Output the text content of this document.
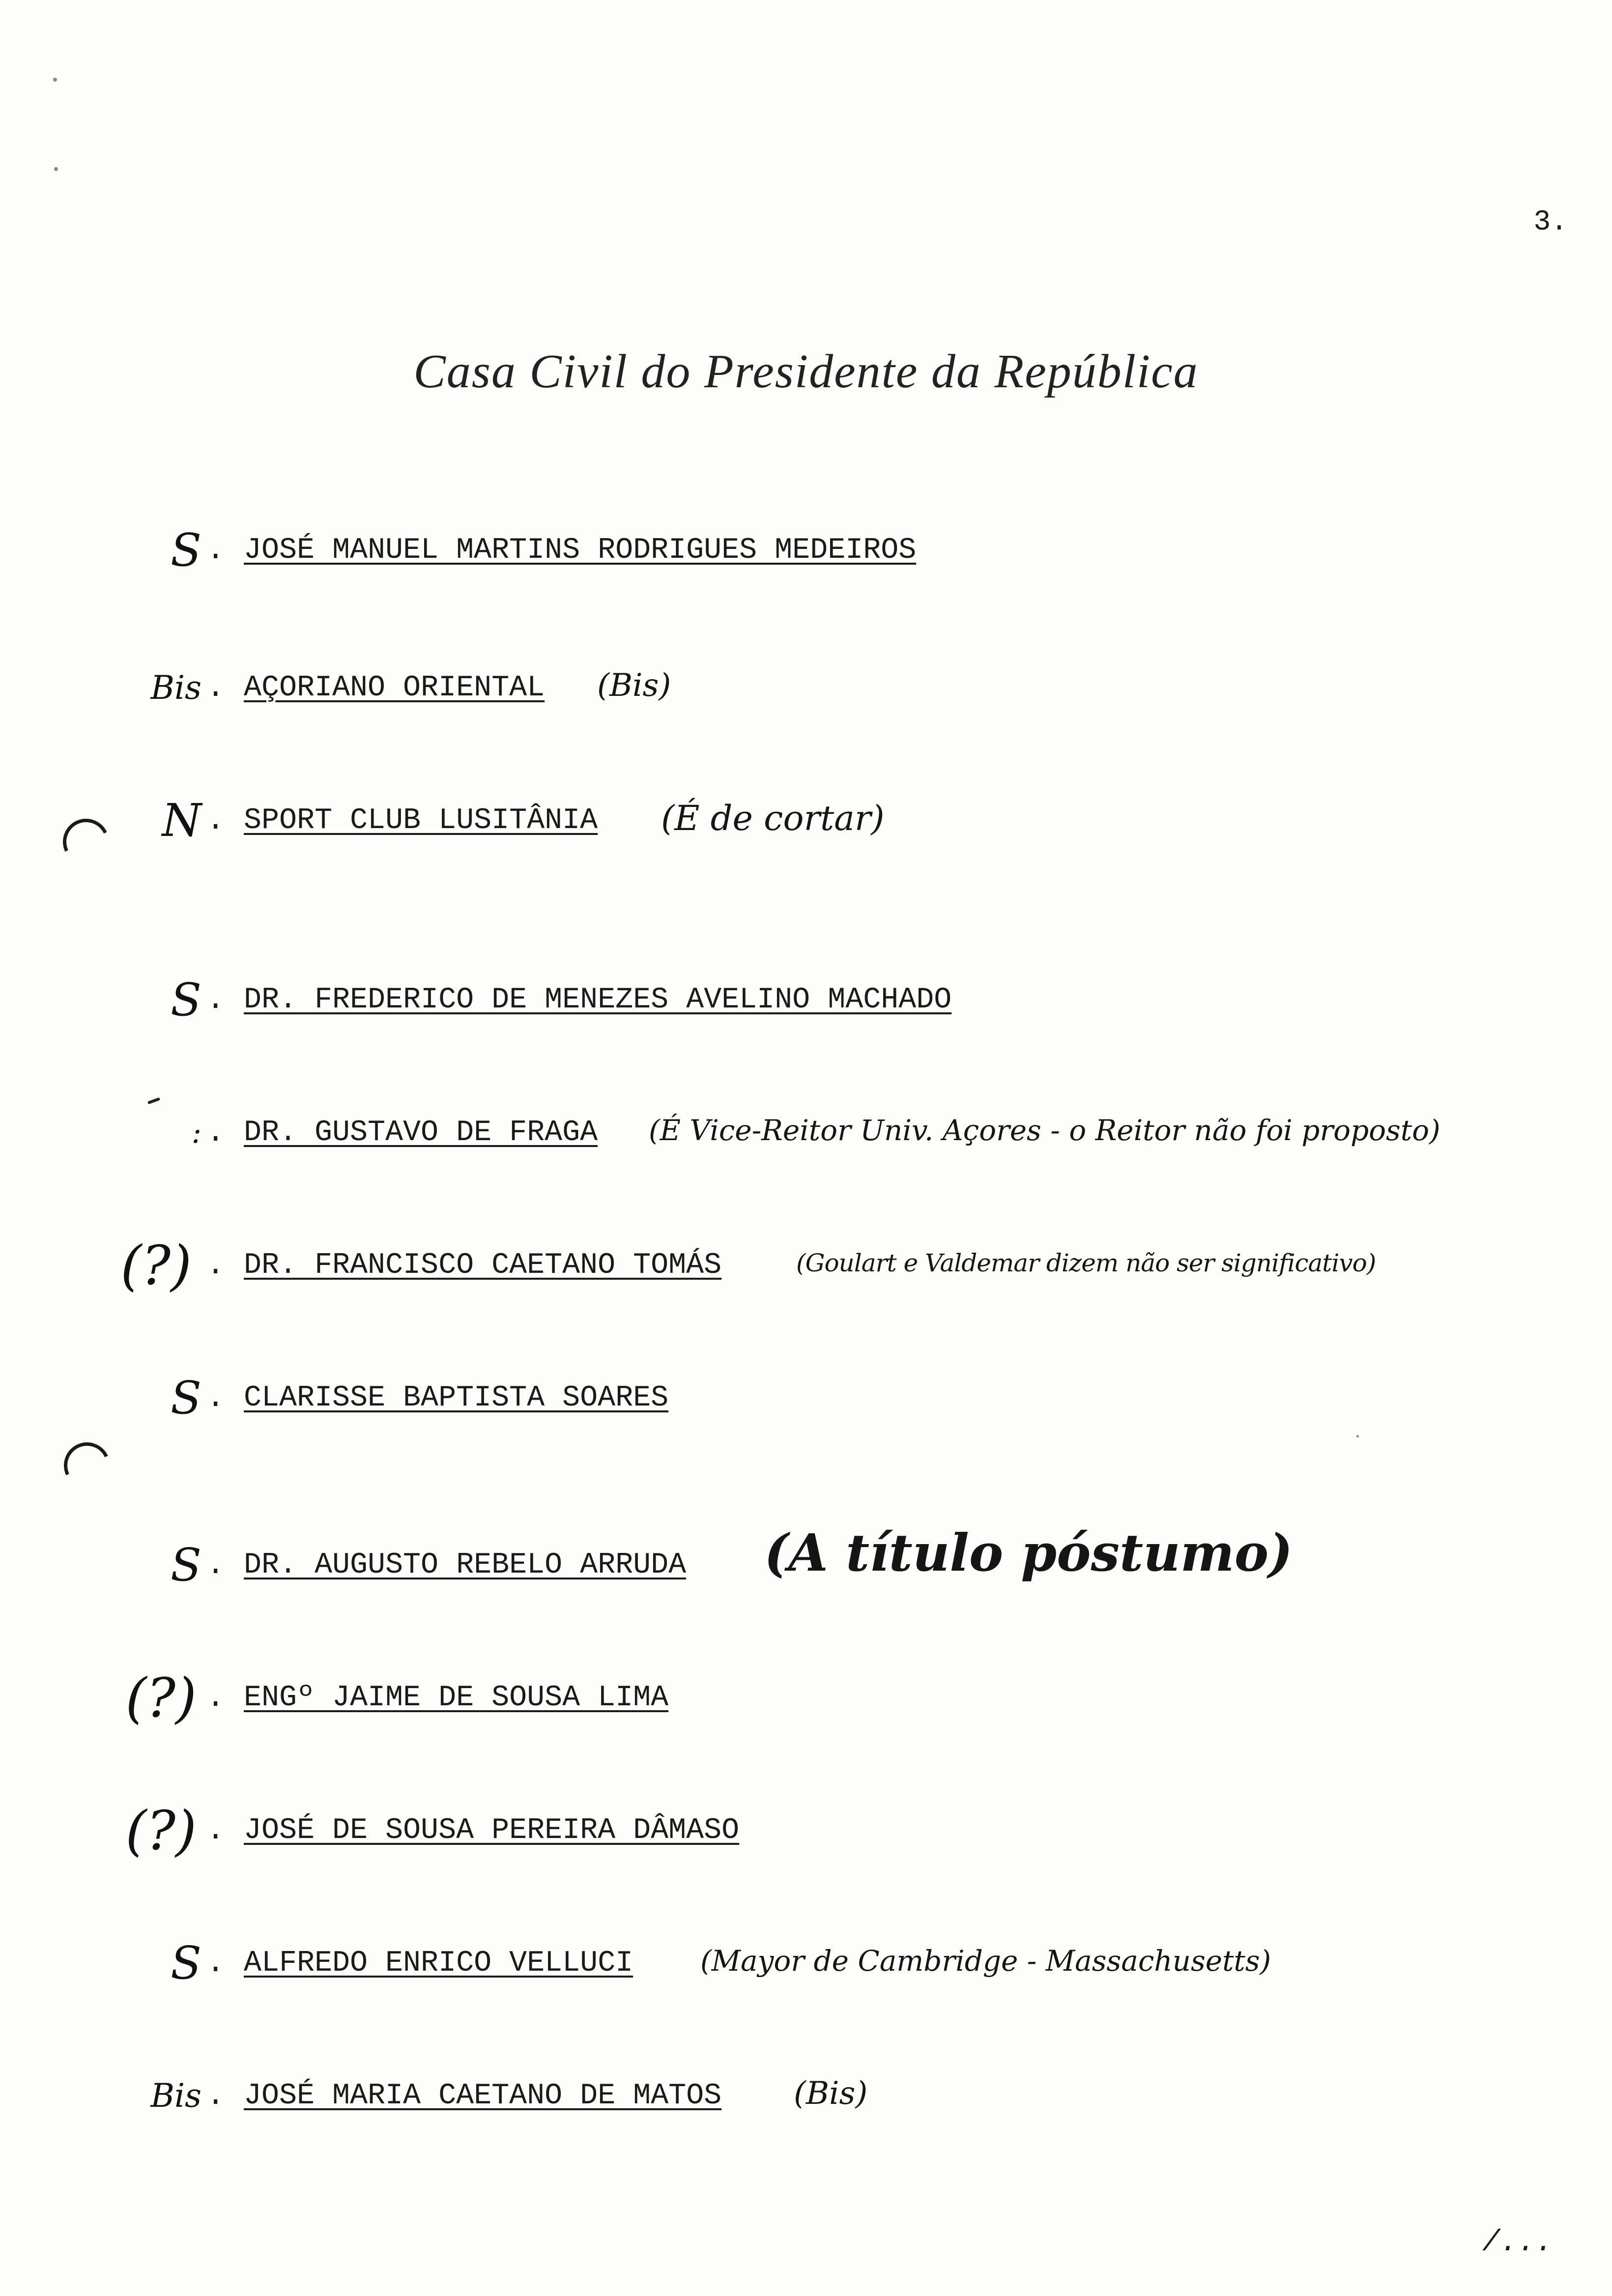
3.
Casa Civil do Presidente da República
S . JOSÉ MANUEL MARTINS RODRIGUES MEDEIROS
Bis . AÇORIANO ORIENTAL (Bis)
N . SPORT CLUB LUSITÂNIA (É de cortar)
S . DR. FREDERICO DE MENEZES AVELINO MACHADO
: . DR. GUSTAVO DE FRAGA (É Vice-Reitor Univ. Açores - o Reitor não foi proposto)
(?) . DR. FRANCISCO CAETANO TOMÁS	(Goulart e Valdemar dizem não ser significativo)
S . CLARISSE BAPTISTA SOARES
S . DR. AUGUSTO REBELO ARRUDA (A título póstumo)
(?) . ENGº JAIME DE SOUSA LIMA
(?) . JOSÉ DE SOUSA PEREIRA DÂMASO
S . ALFREDO ENRICO VELLUCI (Mayor de Cambridge - Massachusetts)
Bis . JOSÉ MARIA CAETANO DE MATOS (Bis)
/...
